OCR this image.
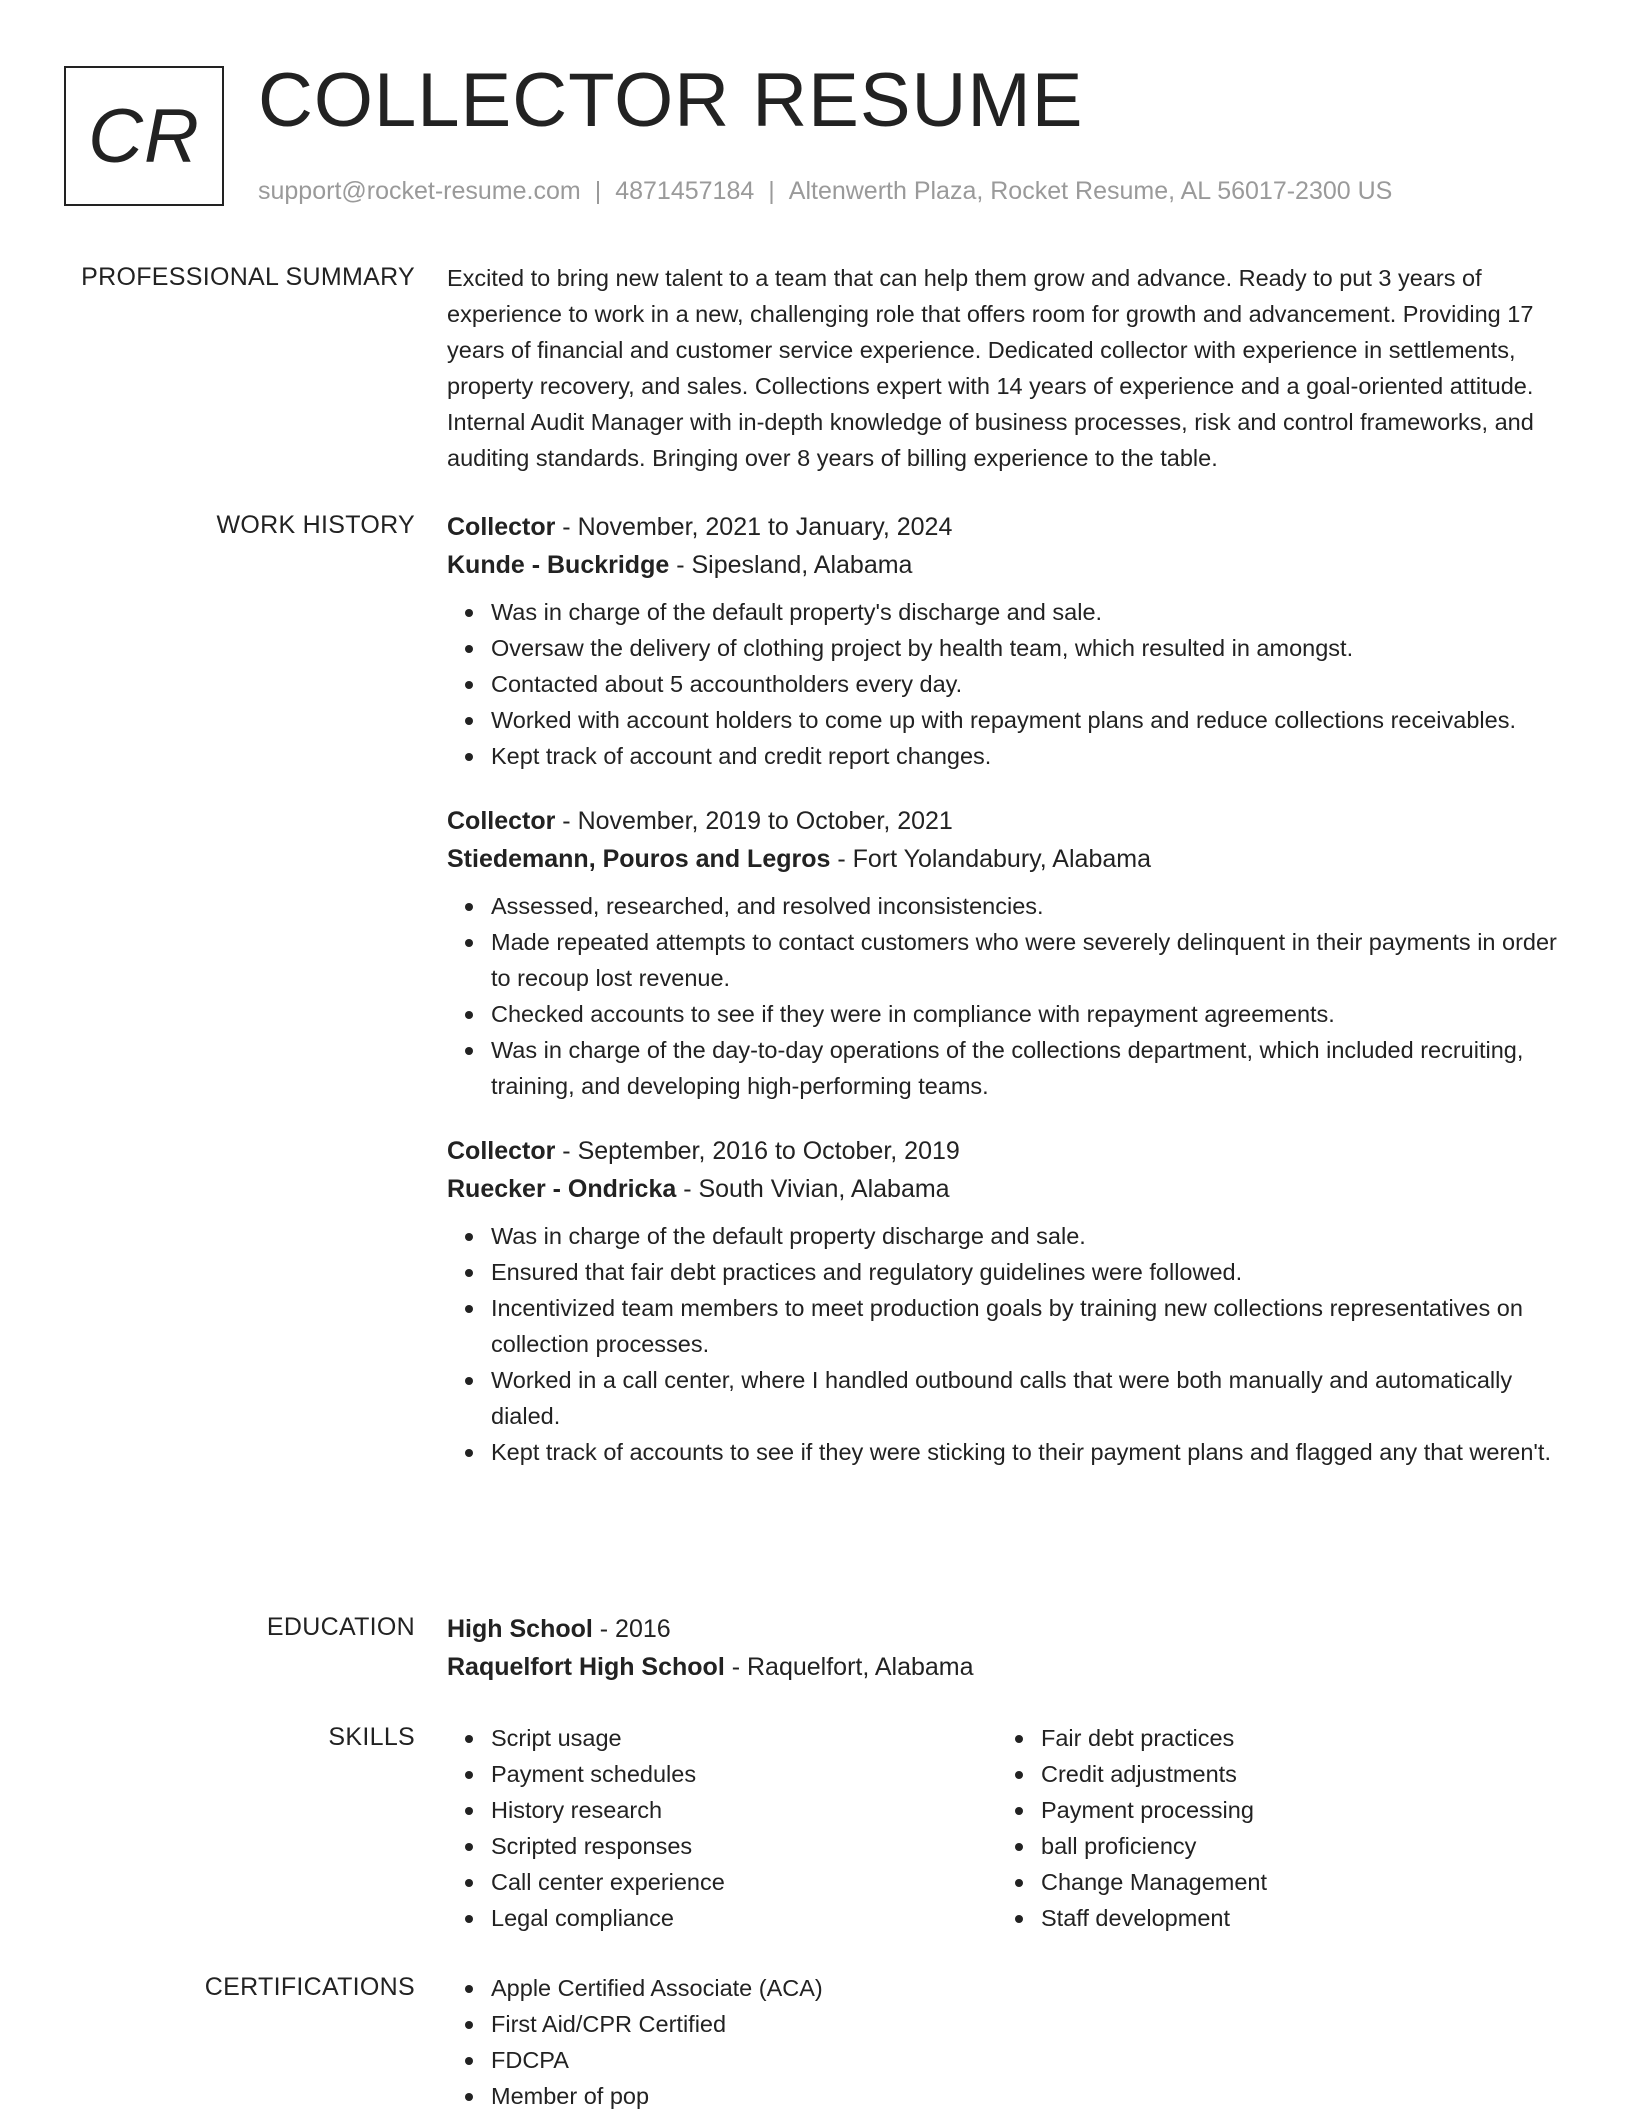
CR COLLECTOR RESUME
support@rocket-resume.com | 4871457184 | Altenwerth Plaza, Rocket Resume, AL 56017-2300 US
PROFESSIONAL SUMMARY Excited to bring new talent to a team that can help them grow and advance. Ready to put 3 years of experience to work in a new, challenging role that offers room for growth and advancement. Providing 17 years of financial and customer service experience. Dedicated collector with experience in settlements, property recovery, and sales. Collections expert with 14 years of experience and a goal-oriented attitude. Internal Audit Manager with in-depth knowledge of business processes, risk and control frameworks, and auditing standards. Bringing over 8 years of billing experience to the table.

WORK HISTORY Collector - November, 2021 to January, 2024

Kunde - Buckridge - Sipesland, Alabama

Was in charge of the default property's discharge and sale.
Oversaw the delivery of clothing project by health team, which resulted in amongst.
Contacted about 5 accountholders every day.
Worked with account holders to come up with repayment plans and reduce collections receivables.
Kept track of account and credit report changes.

Collector - November, 2019 to October, 2021

Stiedemann, Pouros and Legros - Fort Yolandabury, Alabama

Assessed, researched, and resolved inconsistencies.
Made repeated attempts to contact customers who were severely delinquent in their payments in order to recoup lost revenue.
Checked accounts to see if they were in compliance with repayment agreements.
Was in charge of the day-to-day operations of the collections department, which included recruiting, training, and developing high-performing teams.

Collector - September, 2016 to October, 2019

Ruecker - Ondricka - South Vivian, Alabama

Was in charge of the default property discharge and sale.
Ensured that fair debt practices and regulatory guidelines were followed.
Incentivized team members to meet production goals by training new collections representatives on collection processes.
Worked in a call center, where I handled outbound calls that were both manually and automatically dialed.
Kept track of accounts to see if they were sticking to their payment plans and flagged any that weren't.
EDUCATION High School - 2016

Raquelfort High School - Raquelfort, Alabama

SKILLS	Script usage
Payment schedules
History research
Scripted responses
Call center experience
Legal compliance
Fair debt practices
Credit adjustments
Payment processing
ball proficiency
Change Management
Staff development
CERTIFICATIONS	Apple Certified Associate (ACA)
First Aid/CPR Certified
FDCPA
Member of pop
